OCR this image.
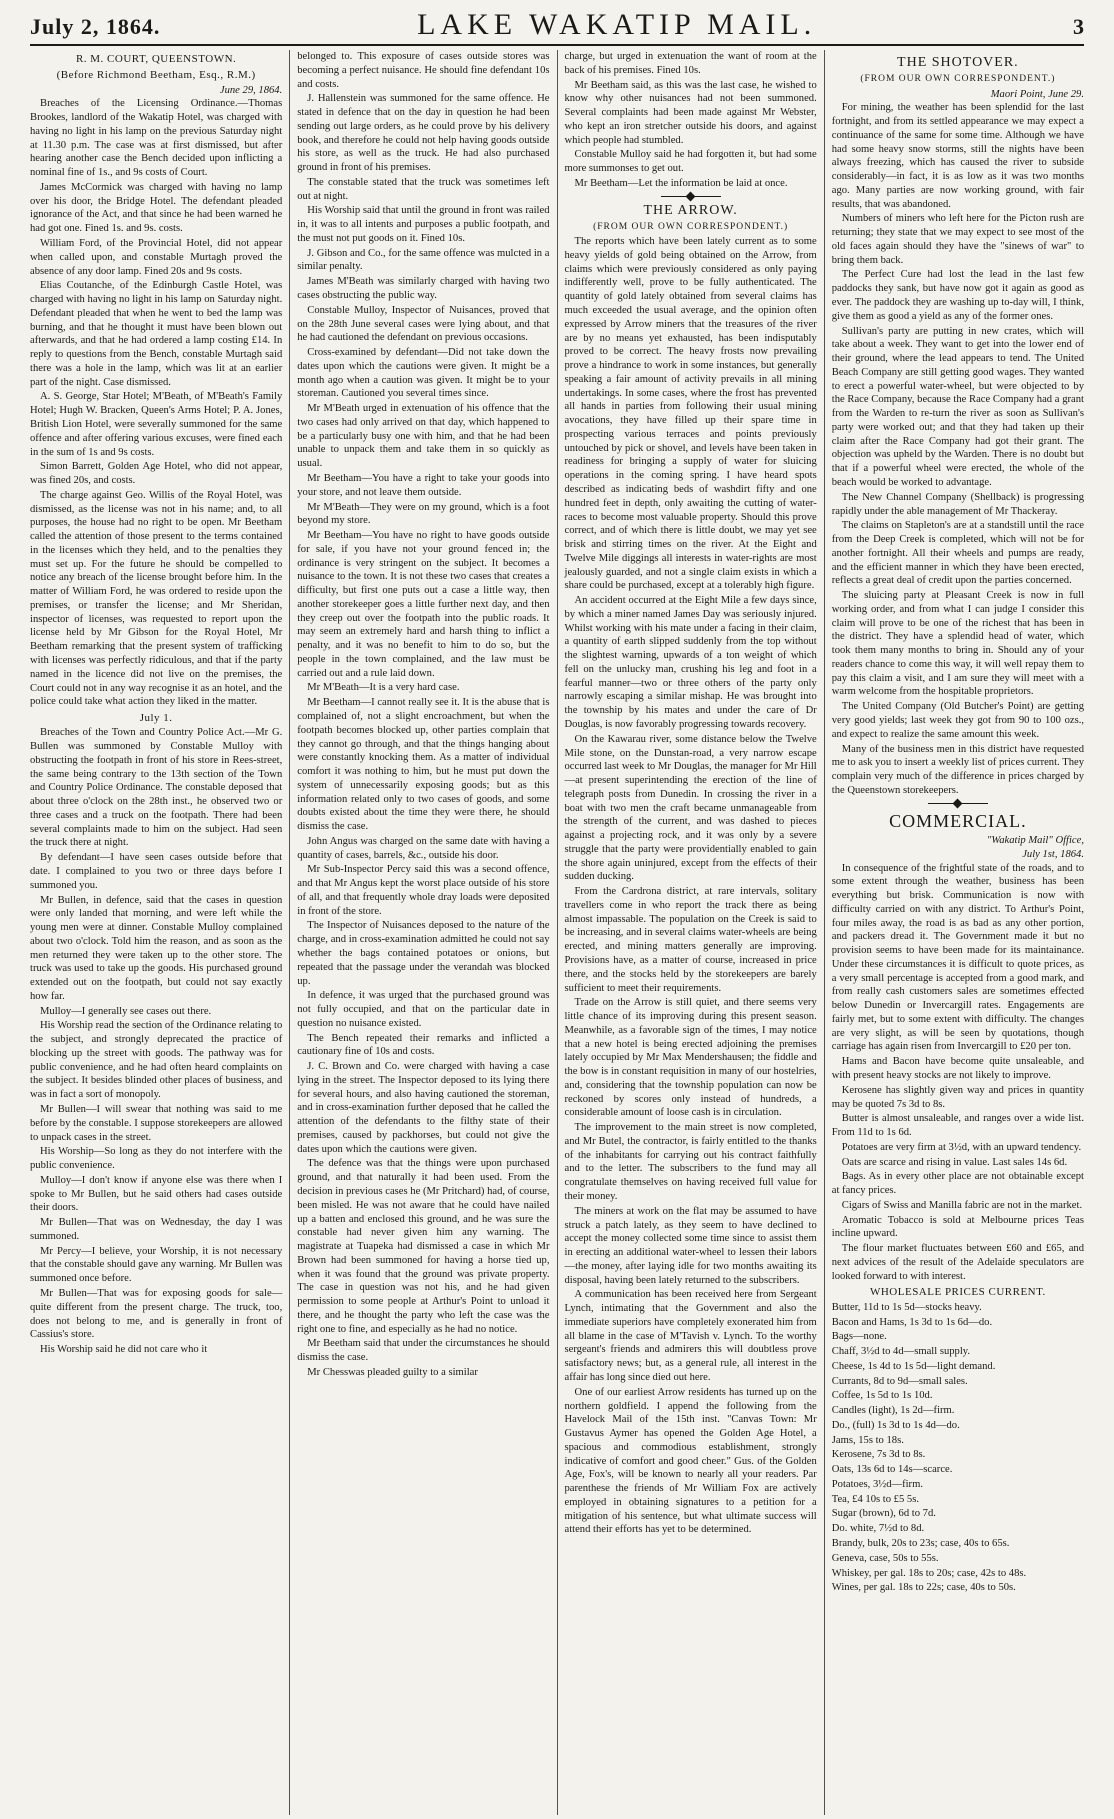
July 2, 1864.	LAKE WAKATIP MAIL.	3
R. M. COURT, QUEENSTOWN.
(Before Richmond Beetham, Esq., R.M.)
June 29, 1864.

Breaches of the Licensing Ordinance.—Thomas Brookes, landlord of the Wakatip Hotel, was charged with having no light in his lamp on the previous Saturday night at 11.30 p.m. The case was at first dismissed, but after hearing another case the Bench decided upon inflicting a nominal fine of 1s., and 9s costs of Court.

James McCormick was charged with having no lamp over his door, the Bridge Hotel. The defendant pleaded ignorance of the Act, and that since he had been warned he had got one. Fined 1s. and 9s. costs.

William Ford, of the Provincial Hotel, did not appear when called upon, and constable Murtagh proved the absence of any door lamp. Fined 20s and 9s costs.

Elias Coutanche, of the Edinburgh Castle Hotel, was charged with having no light in his lamp on Saturday night. Defendant pleaded that when he went to bed the lamp was burning, and that he thought it must have been blown out afterwards, and that he had ordered a lamp costing £14. In reply to questions from the Bench, constable Murtagh said there was a hole in the lamp, which was lit at an earlier part of the night. Case dismissed.

A. S. George, Star Hotel; M'Beath, of M'Beath's Family Hotel; Hugh W. Bracken, Queen's Arms Hotel; P. A. Jones, British Lion Hotel, were severally summoned for the same offence and after offering various excuses, were fined each in the sum of 1s and 9s costs.

Simon Barrett, Golden Age Hotel, who did not appear, was fined 20s, and costs.

The charge against Geo. Willis of the Royal Hotel, was dismissed, as the license was not in his name; and, to all purposes, the house had no right to be open. Mr Beetham called the attention of those present to the terms contained in the licenses which they held, and to the penalties they must set up. For the future he should be compelled to notice any breach of the license brought before him. In the matter of William Ford, he was ordered to reside upon the premises, or transfer the license; and Mr Sheridan, inspector of licenses, was requested to report upon the license held by Mr Gibson for the Royal Hotel, Mr Beetham remarking that the present system of trafficking with licenses was perfectly ridiculous, and that if the party named in the licence did not live on the premises, the Court could not in any way recognise it as an hotel, and the police could take what action they liked in the matter.

July 1.

Breaches of the Town and Country Police Act.—Mr G. Bullen was summoned by Constable Mulloy with obstructing the footpath in front of his store in Rees-street, the same being contrary to the 13th section of the Town and Country Police Ordinance. The constable deposed that about three o'clock on the 28th inst., he observed two or three cases and a truck on the footpath. There had been several complaints made to him on the subject. Had seen the truck there at night.

By defendant—I have seen cases outside before that date. I complained to you two or three days before I summoned you.

Mr Bullen, in defence, said that the cases in question were only landed that morning, and were left while the young men were at dinner. Constable Mulloy complained about two o'clock. Told him the reason, and as soon as the men returned they were taken up to the other store. The truck was used to take up the goods. His purchased ground extended out on the footpath, but could not say exactly how far.

Mulloy—I generally see cases out there.

His Worship read the section of the Ordinance relating to the subject, and strongly deprecated the practice of blocking up the street with goods. The pathway was for public convenience, and he had often heard complaints on the subject. It besides blinded other places of business, and was in fact a sort of monopoly.

Mr Bullen—I will swear that nothing was said to me before by the constable. I suppose storekeepers are allowed to unpack cases in the street.

His Worship—So long as they do not interfere with the public convenience.

Mulloy—I don't know if anyone else was there when I spoke to Mr Bullen, but he said others had cases outside their doors.

Mr Bullen—That was on Wednesday, the day I was summoned.

Mr Percy—I believe, your Worship, it is not necessary that the constable should gave any warning. Mr Bullen was summoned once before.

Mr Bullen—That was for exposing goods for sale—quite different from the present charge. The truck, too, does not belong to me, and is generally in front of Cassius's store.

His Worship said he did not care who it

belonged to. This exposure of cases outside stores was becoming a perfect nuisance. He should fine defendant 10s and costs.

J. Hallenstein was summoned for the same offence. He stated in defence that on the day in question he had been sending out large orders, as he could prove by his delivery book, and therefore he could not help having goods outside his store, as well as the truck. He had also purchased ground in front of his premises.

The constable stated that the truck was sometimes left out at night.

His Worship said that until the ground in front was railed in, it was to all intents and purposes a public footpath, and the must not put goods on it. Fined 10s.

J. Gibson and Co., for the same offence was mulcted in a similar penalty.

James M'Beath was similarly charged with having two cases obstructing the public way.

Constable Mulloy, Inspector of Nuisances, proved that on the 28th June several cases were lying about, and that he had cautioned the defendant on previous occasions.

Cross-examined by defendant—Did not take down the dates upon which the cautions were given. It might be a month ago when a caution was given. It might be to your storeman. Cautioned you several times since.

Mr M'Beath urged in extenuation of his offence that the two cases had only arrived on that day, which happened to be a particularly busy one with him, and that he had been unable to unpack them and take them in so quickly as usual.

Mr Beetham—You have a right to take your goods into your store, and not leave them outside.

Mr M'Beath—They were on my ground, which is a foot beyond my store.

Mr Beetham—You have no right to have goods outside for sale, if you have not your ground fenced in; the ordinance is very stringent on the subject. It becomes a nuisance to the town. It is not these two cases that creates a difficulty, but first one puts out a case a little way, then another storekeeper goes a little further next day, and then they creep out over the footpath into the public roads. It may seem an extremely hard and harsh thing to inflict a penalty, and it was no benefit to him to do so, but the people in the town complained, and the law must be carried out and a rule laid down.

Mr M'Beath—It is a very hard case.

Mr Beetham—I cannot really see it. It is the abuse that is complained of, not a slight encroachment, but when the footpath becomes blocked up, other parties complain that they cannot go through, and that the things hanging about were constantly knocking them. As a matter of individual comfort it was nothing to him, but he must put down the system of unnecessarily exposing goods; but as this information related only to two cases of goods, and some doubts existed about the time they were there, he should dismiss the case.

John Angus was charged on the same date with having a quantity of cases, barrels, &c., outside his door.

Mr Sub-Inspector Percy said this was a second offence, and that Mr Angus kept the worst place outside of his store of all, and that frequently whole dray loads were deposited in front of the store.

The Inspector of Nuisances deposed to the nature of the charge, and in cross-examination admitted he could not say whether the bags contained potatoes or onions, but repeated that the passage under the verandah was blocked up.

In defence, it was urged that the purchased ground was not fully occupied, and that on the particular date in question no nuisance existed.

The Bench repeated their remarks and inflicted a cautionary fine of 10s and costs.

J. C. Brown and Co. were charged with having a case lying in the street. The Inspector deposed to its lying there for several hours, and also having cautioned the storeman, and in cross-examination further deposed that he called the attention of the defendants to the filthy state of their premises, caused by packhorses, but could not give the dates upon which the cautions were given.

The defence was that the things were upon purchased ground, and that naturally it had been used. From the decision in previous cases he (Mr Pritchard) had, of course, been misled. He was not aware that he could have nailed up a batten and enclosed this ground, and he was sure the constable had never given him any warning. The magistrate at Tuapeka had dismissed a case in which Mr Brown had been summoned for having a horse tied up, when it was found that the ground was private property. The case in question was not his, and he had given permission to some people at Arthur's Point to unload it there, and he thought the party who left the case was the right one to fine, and especially as he had no notice.

Mr Beetham said that under the circumstances he should dismiss the case.

Mr Chesswas pleaded guilty to a similar

charge, but urged in extenuation the want of room at the back of his premises. Fined 10s.

Mr Beetham said, as this was the last case, he wished to know why other nuisances had not been summoned. Several complaints had been made against Mr Webster, who kept an iron stretcher outside his doors, and against which people had stumbled.

Constable Mulloy said he had forgotten it, but had some more summonses to get out.

Mr Beetham—Let the information be laid at once.

THE ARROW.
(FROM OUR OWN CORRESPONDENT.)

The reports which have been lately current as to some heavy yields of gold being obtained on the Arrow, from claims which were previously considered as only paying indifferently well, prove to be fully authenticated. The quantity of gold lately obtained from several claims has much exceeded the usual average, and the opinion often expressed by Arrow miners that the treasures of the river are by no means yet exhausted, has been indisputably proved to be correct. The heavy frosts now prevailing prove a hindrance to work in some instances, but generally speaking a fair amount of activity prevails in all mining undertakings. In some cases, where the frost has prevented all hands in parties from following their usual mining avocations, they have filled up their spare time in prospecting various terraces and points previously untouched by pick or shovel, and levels have been taken in readiness for bringing a supply of water for sluicing operations in the coming spring. I have heard spots described as indicating beds of washdirt fifty and one hundred feet in depth, only awaiting the cutting of water-races to become most valuable property. Should this prove correct, and of which there is little doubt, we may yet see brisk and stirring times on the river. At the Eight and Twelve Mile diggings all interests in water-rights are most jealously guarded, and not a single claim exists in which a share could be purchased, except at a tolerably high figure.

An accident occurred at the Eight Mile a few days since, by which a miner named James Day was seriously injured. Whilst working with his mate under a facing in their claim, a quantity of earth slipped suddenly from the top without the slightest warning, upwards of a ton weight of which fell on the unlucky man, crushing his leg and foot in a fearful manner—two or three others of the party only narrowly escaping a similar mishap. He was brought into the township by his mates and under the care of Dr Douglas, is now favorably progressing towards recovery.

On the Kawarau river, some distance below the Twelve Mile stone, on the Dunstan-road, a very narrow escape occurred last week to Mr Douglas, the manager for Mr Hill—at present superintending the erection of the line of telegraph posts from Dunedin. In crossing the river in a boat with two men the craft became unmanageable from the strength of the current, and was dashed to pieces against a projecting rock, and it was only by a severe struggle that the party were providentially enabled to gain the shore again uninjured, except from the effects of their sudden ducking.

From the Cardrona district, at rare intervals, solitary travellers come in who report the track there as being almost impassable. The population on the Creek is said to be increasing, and in several claims water-wheels are being erected, and mining matters generally are improving. Provisions have, as a matter of course, increased in price there, and the stocks held by the storekeepers are barely sufficient to meet their requirements.

Trade on the Arrow is still quiet, and there seems very little chance of its improving during this present season. Meanwhile, as a favorable sign of the times, I may notice that a new hotel is being erected adjoining the premises lately occupied by Mr Max Mendershausen; the fiddle and the bow is in constant requisition in many of our hostelries, and, considering that the township population can now be reckoned by scores only instead of hundreds, a considerable amount of loose cash is in circulation.

The improvement to the main street is now completed, and Mr Butel, the contractor, is fairly entitled to the thanks of the inhabitants for carrying out his contract faithfully and to the letter. The subscribers to the fund may all congratulate themselves on having received full value for their money.

The miners at work on the flat may be assumed to have struck a patch lately, as they seem to have declined to accept the money collected some time since to assist them in erecting an additional water-wheel to lessen their labors—the money, after laying idle for two months awaiting its disposal, having been lately returned to the subscribers.

A communication has been received here from Sergeant Lynch, intimating that the Government and also the immediate superiors have completely exonerated him from all blame in the case of M'Tavish v. Lynch. To the worthy sergeant's friends and admirers this will doubtless prove satisfactory news; but, as a general rule, all interest in the affair has long since died out here.

One of our earliest Arrow residents has turned up on the northern goldfield. I append the following from the Havelock Mail of the 15th inst. "Canvas Town: Mr Gustavus Aymer has opened the Golden Age Hotel, a spacious and commodious establishment, strongly indicative of comfort and good cheer." Gus. of the Golden Age, Fox's, will be known to nearly all your readers. Par parenthese the friends of Mr William Fox are actively employed in obtaining signatures to a petition for a mitigation of his sentence, but what ultimate success will attend their efforts has yet to be determined.

THE SHOTOVER.
(FROM OUR OWN CORRESPONDENT.)
Maori Point, June 29.

For mining, the weather has been splendid for the last fortnight, and from its settled appearance we may expect a continuance of the same for some time. Although we have had some heavy snow storms, still the nights have been always freezing, which has caused the river to subside considerably—in fact, it is as low as it was two months ago. Many parties are now working ground, with fair results, that was abandoned.

Numbers of miners who left here for the Picton rush are returning; they state that we may expect to see most of the old faces again should they have the "sinews of war" to bring them back.

The Perfect Cure had lost the lead in the last few paddocks they sank, but have now got it again as good as ever. The paddock they are washing up to-day will, I think, give them as good a yield as any of the former ones.

Sullivan's party are putting in new crates, which will take about a week. They want to get into the lower end of their ground, where the lead appears to tend. The United Beach Company are still getting good wages. They wanted to erect a powerful water-wheel, but were objected to by the Race Company, because the Race Company had a grant from the Warden to re-turn the river as soon as Sullivan's party were worked out; and that they had taken up their claim after the Race Company had got their grant. The objection was upheld by the Warden. There is no doubt but that if a powerful wheel were erected, the whole of the beach would be worked to advantage.

The New Channel Company (Shellback) is progressing rapidly under the able management of Mr Thackeray.

The claims on Stapleton's are at a standstill until the race from the Deep Creek is completed, which will not be for another fortnight. All their wheels and pumps are ready, and the efficient manner in which they have been erected, reflects a great deal of credit upon the parties concerned.

The sluicing party at Pleasant Creek is now in full working order, and from what I can judge I consider this claim will prove to be one of the richest that has been in the district. They have a splendid head of water, which took them many months to bring in. Should any of your readers chance to come this way, it will well repay them to pay this claim a visit, and I am sure they will meet with a warm welcome from the hospitable proprietors.

The United Company (Old Butcher's Point) are getting very good yields; last week they got from 90 to 100 ozs., and expect to realize the same amount this week.

Many of the business men in this district have requested me to ask you to insert a weekly list of prices current. They complain very much of the difference in prices charged by the Queenstown storekeepers.

COMMERCIAL.
"Wakatip Mail" Office,
July 1st, 1864.

In consequence of the frightful state of the roads, and to some extent through the weather, business has been everything but brisk. Communication is now with difficulty carried on with any district. To Arthur's Point, four miles away, the road is as bad as any other portion, and packers dread it. The Government made it but no provision seems to have been made for its maintainance. Under these circumstances it is difficult to quote prices, as a very small percentage is accepted from a good mark, and from really cash customers sales are sometimes effected below Dunedin or Invercargill rates. Engagements are fairly met, but to some extent with difficulty. The changes are very slight, as will be seen by quotations, though carriage has again risen from Invercargill to £20 per ton.

Hams and Bacon have become quite unsaleable, and with present heavy stocks are not likely to improve.

Kerosene has slightly given way and prices in quantity may be quoted 7s 3d to 8s.

Butter is almost unsaleable, and ranges over a wide list. From 11d to 1s 6d.

Potatoes are very firm at 3½d, with an upward tendency.

Oats are scarce and rising in value. Last sales 14s 6d.

Bags. As in every other place are not obtainable except at fancy prices.

Cigars of Swiss and Manilla fabric are not in the market.

Aromatic Tobacco is sold at Melbourne prices Teas incline upward.

The flour market fluctuates between £60 and £65, and next advices of the result of the Adelaide speculators are looked forward to with interest.

WHOLESALE PRICES CURRENT.

Butter, 11d to 1s 5d—stocks heavy.

Bacon and Hams, 1s 3d to 1s 6d—do.

Bags—none.

Chaff, 3½d to 4d—small supply.

Cheese, 1s 4d to 1s 5d—light demand.

Currants, 8d to 9d—small sales.

Coffee, 1s 5d to 1s 10d.

Candles (light), 1s 2d—firm.

Do., (full) 1s 3d to 1s 4d—do.

Jams, 15s to 18s.

Kerosene, 7s 3d to 8s.

Oats, 13s 6d to 14s—scarce.

Potatoes, 3½d—firm.

Tea, £4 10s to £5 5s.

Sugar (brown), 6d to 7d.

Do. white, 7½d to 8d.

Brandy, bulk, 20s to 23s; case, 40s to 65s.

Geneva, case, 50s to 55s.

Whiskey, per gal. 18s to 20s; case, 42s to 48s.

Wines, per gal. 18s to 22s; case, 40s to 50s.
